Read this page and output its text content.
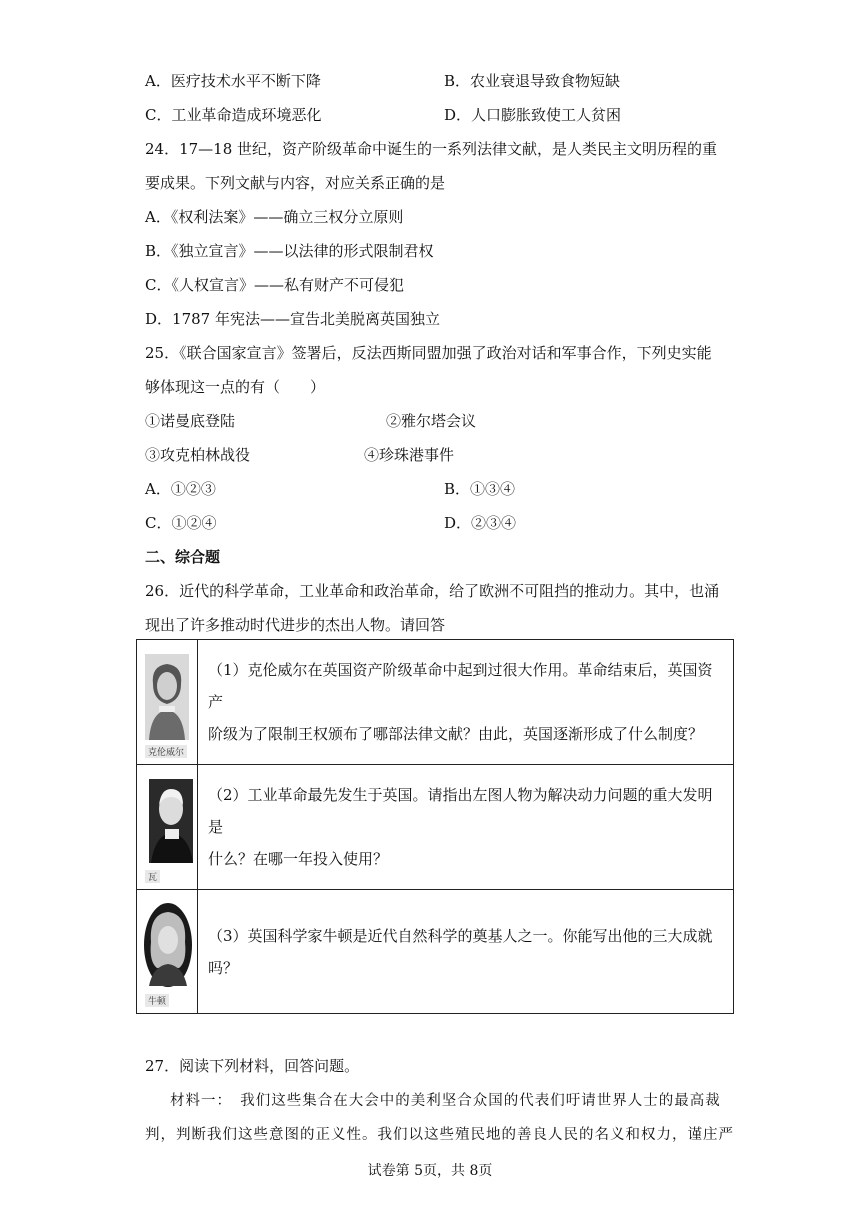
A．医疗技术水平不断下降	B．农业衰退导致食物短缺
C．工业革命造成环境恶化	D．人口膨胀致使工人贫困
24．17—18 世纪，资产阶级革命中诞生的一系列法律文献，是人类民主文明历程的重
要成果。下列文献与内容，对应关系正确的是
A．《权利法案》——确立三权分立原则
B．《独立宣言》——以法律的形式限制君权
C．《人权宣言》——私有财产不可侵犯
D．1787 年宪法——宣告北美脱离英国独立
25．《联合国家宣言》签署后，反法西斯同盟加强了政治对话和军事合作，下列史实能
够体现这一点的有（　　）
①诺曼底登陆	②雅尔塔会议
③攻克柏林战役	④珍珠港事件
A．①②③	B．①③④
C．①②④	D．②③④
二、综合题
26．近代的科学革命，工业革命和政治革命，给了欧洲不可阻挡的推动力。其中，也涌
现出了许多推动时代进步的杰出人物。请回答
克伦威尔	（1）克伦威尔在英国资产阶级革命中起到过很大作用。革命结束后，英国资产
阶级为了限制王权颁布了哪部法律文献？由此，英国逐渐形成了什么制度？

瓦	（2）工业革命最先发生于英国。请指出左图人物为解决动力问题的重大发明是
什么？在哪一年投入使用？

牛顿	（3）英国科学家牛顿是近代自然科学的奠基人之一。你能写出他的三大成就
吗？
27．阅读下列材料，回答问题。
材料一：　我们这些集合在大会中的美利坚合众国的代表们吁请世界人士的最高裁
判，判断我们这些意图的正义性。我们以这些殖民地的善良人民的名义和权力，谨庄严
试卷第 5页，共 8页
